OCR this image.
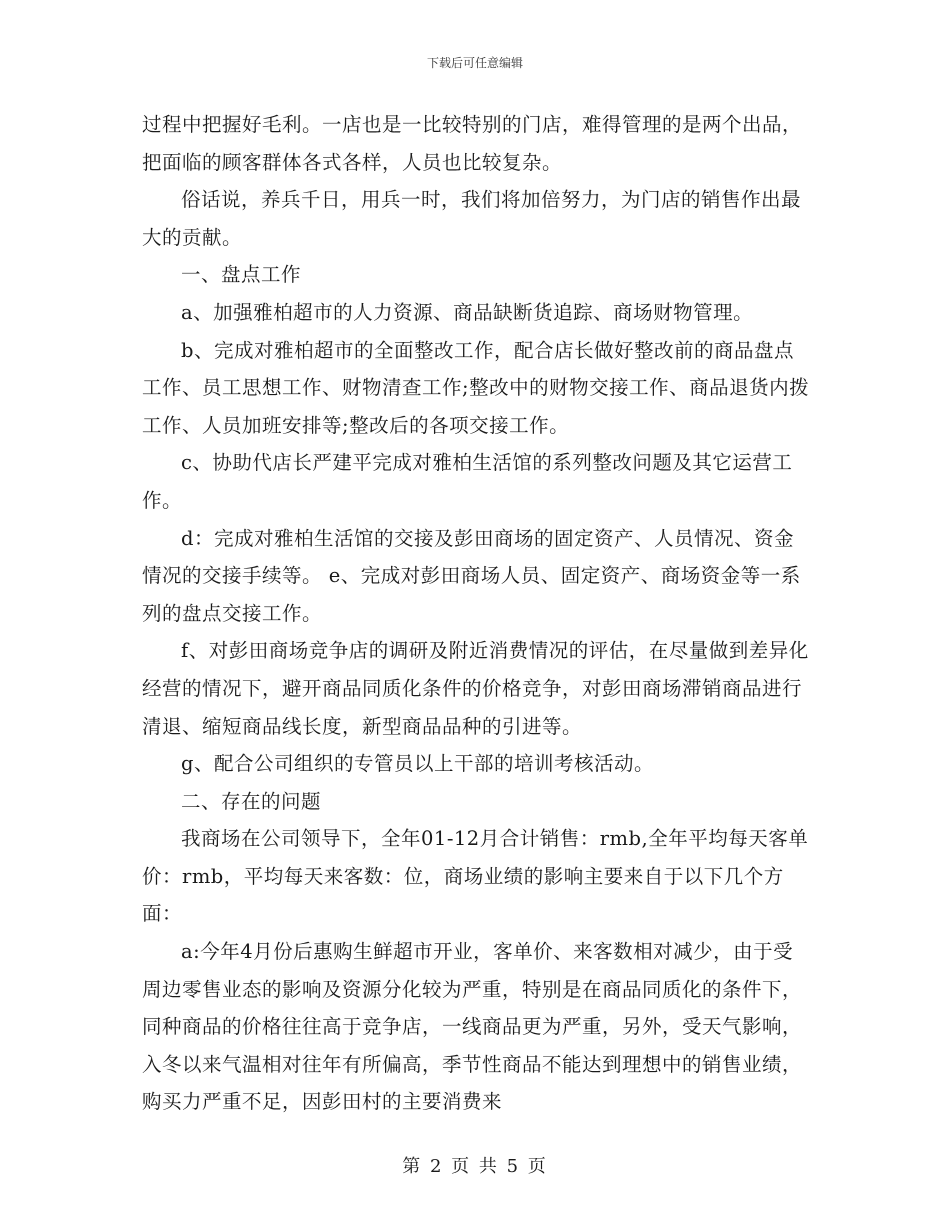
下载后可任意编辑

过程中把握好毛利。一店也是一比较特别的门店，难得管理的是两个出品，把面临的顾客群体各式各样，人员也比较复杂。

俗话说，养兵千日，用兵一时，我们将加倍努力，为门店的销售作出最大的贡献。

一、盘点工作

a、加强雅柏超市的人力资源、商品缺断货追踪、商场财物管理。

b、完成对雅柏超市的全面整改工作，配合店长做好整改前的商品盘点工作、员工思想工作、财物清查工作;整改中的财物交接工作、商品退货内拨工作、人员加班安排等;整改后的各项交接工作。

c、协助代店长严建平完成对雅柏生活馆的系列整改问题及其它运营工作。

d：完成对雅柏生活馆的交接及彭田商场的固定资产、人员情况、资金情况的交接手续等。 e、完成对彭田商场人员、固定资产、商场资金等一系列的盘点交接工作。

f、对彭田商场竞争店的调研及附近消费情况的评估，在尽量做到差异化经营的情况下，避开商品同质化条件的价格竞争，对彭田商场滞销商品进行清退、缩短商品线长度，新型商品品种的引进等。

g、配合公司组织的专管员以上干部的培训考核活动。

二、存在的问题

我商场在公司领导下，全年01-12月合计销售：rmb,全年平均每天客单价：rmb，平均每天来客数：位，商场业绩的影响主要来自于以下几个方面：

a:今年4月份后惠购生鲜超市开业，客单价、来客数相对减少，由于受周边零售业态的影响及资源分化较为严重，特别是在商品同质化的条件下，同种商品的价格往往高于竞争店，一线商品更为严重，另外，受天气影响，入冬以来气温相对往年有所偏高，季节性商品不能达到理想中的销售业绩，购买力严重不足，因彭田村的主要消费来

第 2 页 共 5 页
